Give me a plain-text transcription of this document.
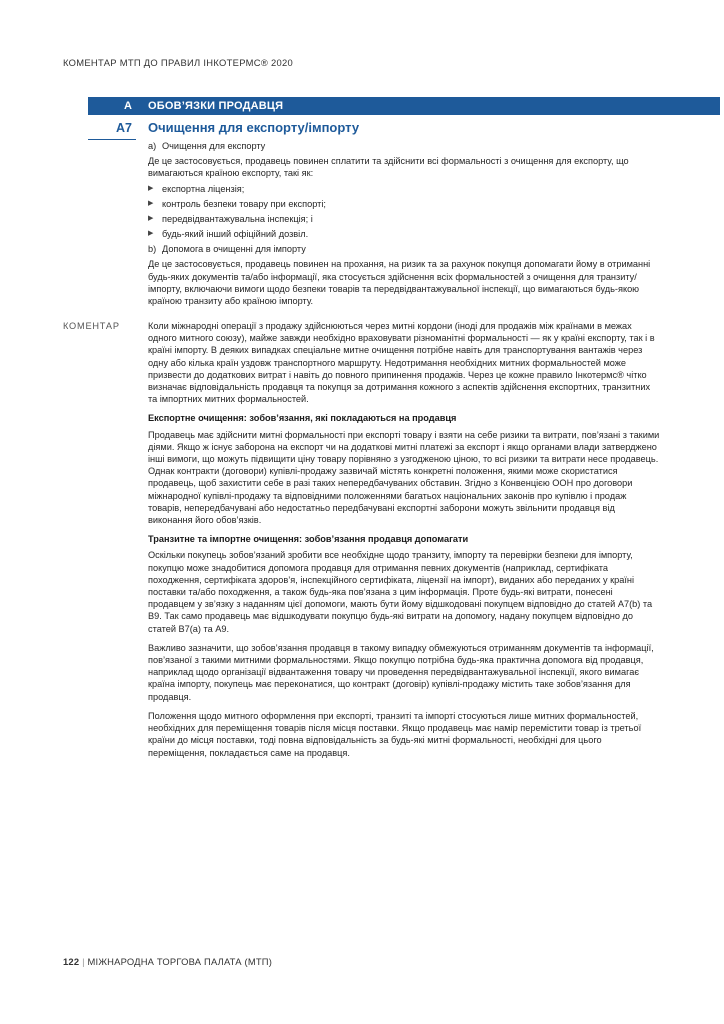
КОМЕНТАР МТП ДО ПРАВИЛ ІНКОТЕРМС® 2020
А ОБОВ’ЯЗКИ ПРОДАВЦЯ
А7 Очищення для експорту/імпорту

a) Очищення для експорту

Де це застосовується, продавець повинен сплатити та здійснити всі формальності з очищення для експорту, що вимагаються країною експорту, такі як:

▶ експортна ліцензія;
▶ контроль безпеки товару при експорті;
▶ передвідвантажувальна інспекція; і
▶ будь-який інший офіційний дозвіл.

b) Допомога в очищенні для імпорту

Де це застосовується, продавець повинен на прохання, на ризик та за рахунок покупця допомагати йому в отриманні будь-яких документів та/або інформації, яка стосується здійснення всіх формальностей з очищення для транзиту/ імпорту, включаючи вимоги щодо безпеки товарів та передвідвантажувальної інспекції, що вимагаються будь-якою країною транзиту або країною імпорту.

КОМЕНТАР	Коли міжнародні операції з продажу здійснюються через митні кордони (іноді для продажів між країнами в межах одного митного союзу), майже завжди необхідно враховувати різноманітні формальності — як у країні експорту, так і в країні імпорту. В деяких випадках спеціальне митне очищення потрібне навіть для транспортування вантажів через одну або кілька країн уздовж транспортного маршруту. Недотримання необхідних митних формальностей може призвести до додаткових витрат і навіть до повного припинення продажів. Через це кожне правило Інкотермс® чітко визначає відповідальність продавця та покупця за дотримання кожного з аспектів здійснення експортних, транзитних та імпортних митних формальностей.

Експортне очищення: зобов’язання, які покладаються на продавця

Продавець має здійснити митні формальності при експорті товару і взяти на себе ризики та витрати, пов’язані з такими діями. Якщо ж існує заборона на експорт чи на додаткові митні платежі за експорт і якщо органами влади затверджено інші вимоги, що можуть підвищити ціну товару порівняно з узгодженою ціною, то всі ризики та витрати несе продавець. Однак контракти (договори) купівлі-продажу зазвичай містять конкретні положення, якими може скористатися продавець, щоб захистити себе в разі таких непередбачуваних обставин. Згідно з Конвенцією ООН про договори міжнародної купівлі-продажу та відповідними положеннями багатьох національних законів про купівлю і продаж товарів, непередбачувані або недостатньо передбачувані експортні заборони можуть звільнити продавця від виконання його обов’язків.

Транзитне та імпортне очищення: зобов’язання продавця допомагати

Оскільки покупець зобов’язаний зробити все необхідне щодо транзиту, імпорту та перевірки безпеки для імпорту, покупцю може знадобитися допомога продавця для отримання певних документів (наприклад, сертифіката походження, сертифіката здоров’я, інспекційного сертифіката, ліцензії на імпорт), виданих або переданих у країні поставки та/або походження, а також будь-яка пов’язана з цим інформація. Проте будь-які витрати, понесені продавцем у зв’язку з наданням цієї допомоги, мають бути йому відшкодовані покупцем відповідно до статей А7(b) та В9. Так само продавець має відшкодувати покупцю будь-які витрати на допомогу, надану покупцем відповідно до статей В7(а) та А9.

Важливо зазначити, що зобов’язання продавця в такому випадку обмежуються отриманням документів та інформації, пов’язаної з такими митними формальностями. Якщо покупцю потрібна будь-яка практична допомога від продавця, наприклад щодо організації відвантаження товару чи проведення передвідвантажувальної інспекції, якого вимагає країна імпорту, покупець має переконатися, що контракт (договір) купівлі-продажу містить таке зобов’язання для продавця.

Положення щодо митного оформлення при експорті, транзиті та імпорті стосуються лише митних формальностей, необхідних для переміщення товарів після місця поставки. Якщо продавець має намір перемістити товар із третьої країни до місця поставки, тоді повна відповідальність за будь-які митні формальності, необхідні для цього переміщення, покладається саме на продавця.

122 | МІЖНАРОДНА ТОРГОВА ПАЛАТА (МТП)
